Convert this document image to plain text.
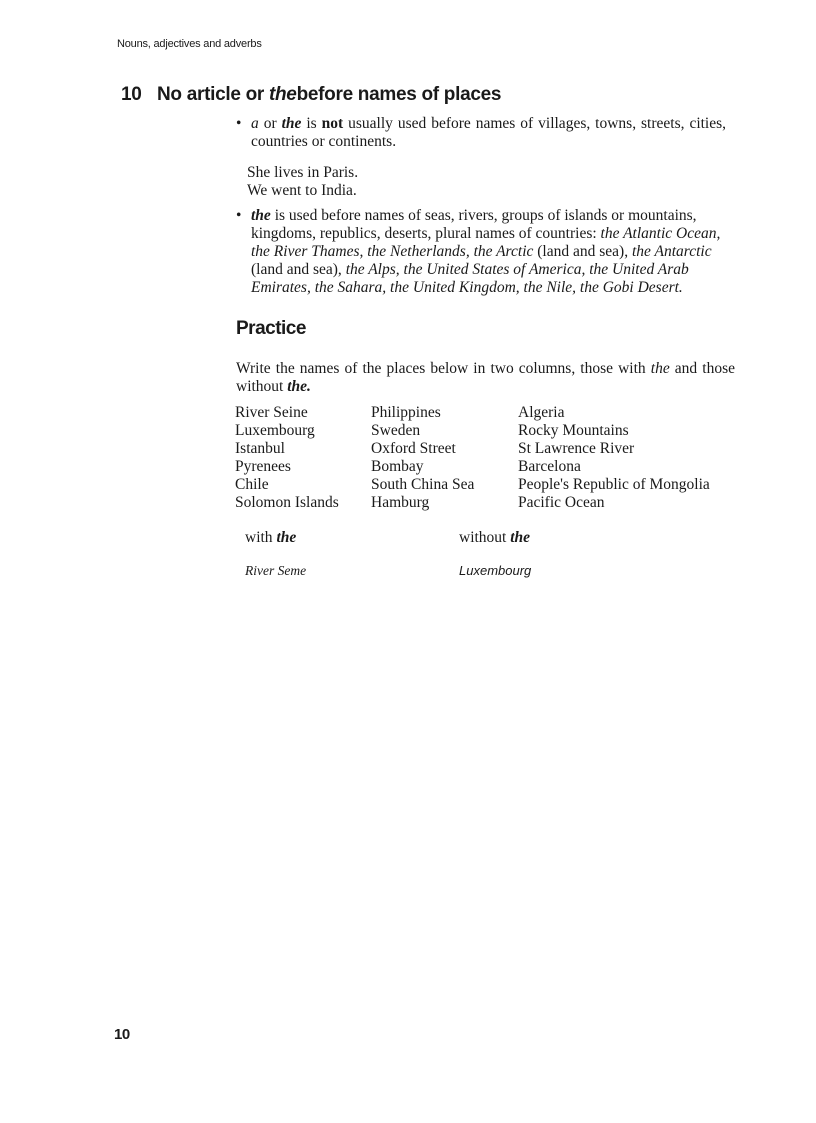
Nouns, adjectives and adverbs
10 No article or thebefore names of places
• a or the is not usually used before names of villages, towns, streets, cities,
countries or continents.
She lives in Paris.
We went to India.
• the is used before names of seas, rivers, groups of islands or mountains, kingdoms, republics, deserts, plural names of countries: the Atlantic Ocean, the River Thames, the Netherlands, the Arctic (land and sea), the Antarctic (land and sea), the Alps, the United States of America, the United Arab Emirates, the Sahara, the United Kingdom, the Nile, the Gobi Desert.
Practice
Write the names of the places below in two columns, those with the and those without the.
River Seine	Philippines	Algeria
Luxembourg	Sweden	Rocky Mountains
Istanbul	Oxford Street	St Lawrence River
Pyrenees	Bombay	Barcelona
Chile	South China Sea	People's Republic of Mongolia
Solomon Islands	Hamburg	Pacific Ocean
with the	without the
River Seme	Luxembourg
10
